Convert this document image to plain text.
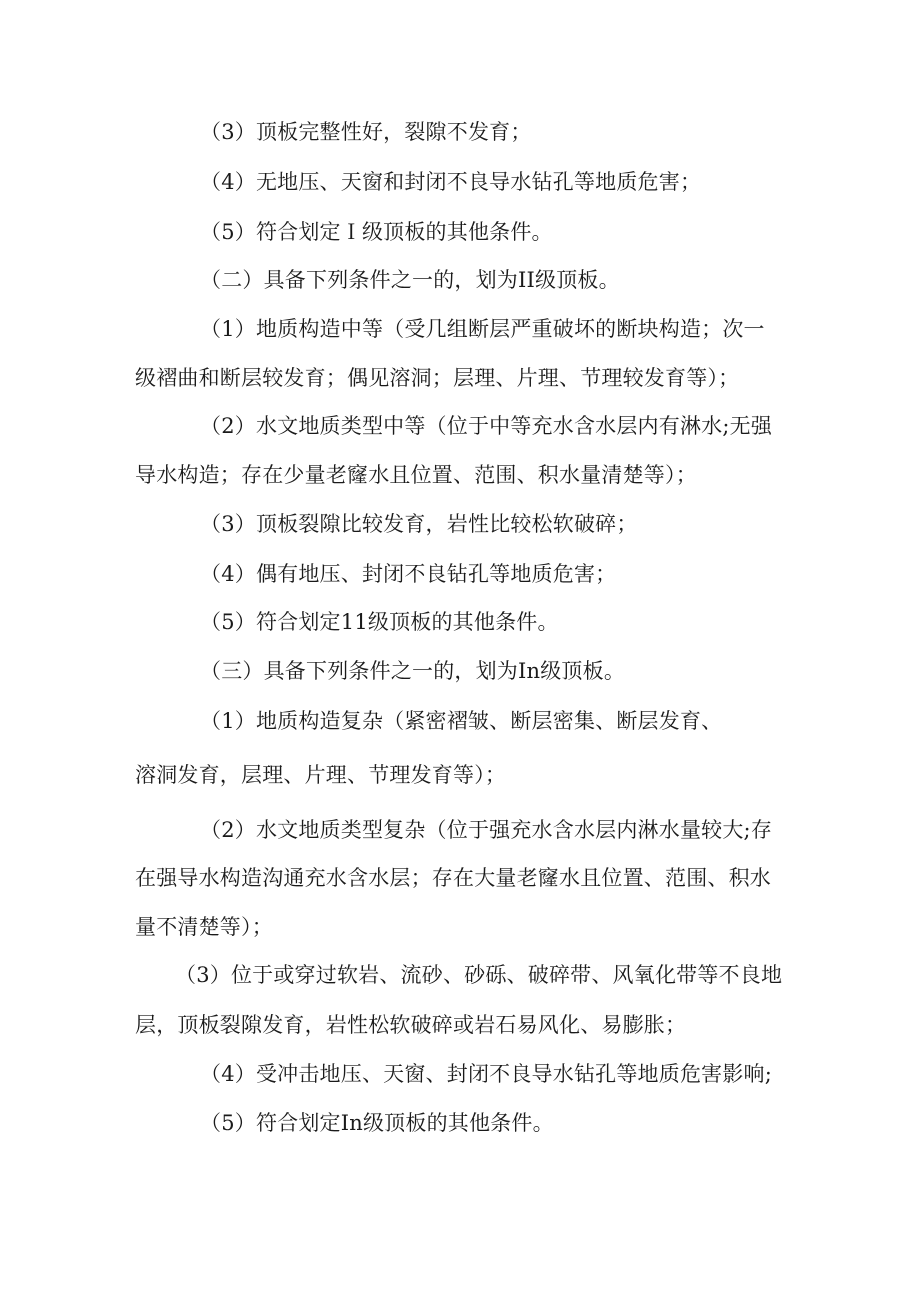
（3）顶板完整性好，裂隙不发育；
（4）无地压、天窗和封闭不良导水钻孔等地质危害；
（5）符合划定Ｉ级顶板的其他条件。
（二）具备下列条件之一的，划为II级顶板。
（1）地质构造中等（受几组断层严重破坏的断块构造；次一
级褶曲和断层较发育；偶见溶洞；层理、片理、节理较发育等）；
（2）水文地质类型中等（位于中等充水含水层内有淋水;无强
导水构造；存在少量老窿水且位置、范围、积水量清楚等）；
（3）顶板裂隙比较发育，岩性比较松软破碎；
（4）偶有地压、封闭不良钻孔等地质危害；
（5）符合划定11级顶板的其他条件。
（三）具备下列条件之一的，划为In级顶板。
（1）地质构造复杂（紧密褶皱、断层密集、断层发育、
溶洞发育，层理、片理、节理发育等）；
（2）水文地质类型复杂（位于强充水含水层内淋水量较大;存
在强导水构造沟通充水含水层；存在大量老窿水且位置、范围、积水
量不清楚等）；
（3）位于或穿过软岩、流砂、砂砾、破碎带、风氧化带等不良地
层，顶板裂隙发育，岩性松软破碎或岩石易风化、易膨胀；
（4）受冲击地压、天窗、封闭不良导水钻孔等地质危害影响;
（5）符合划定In级顶板的其他条件。
